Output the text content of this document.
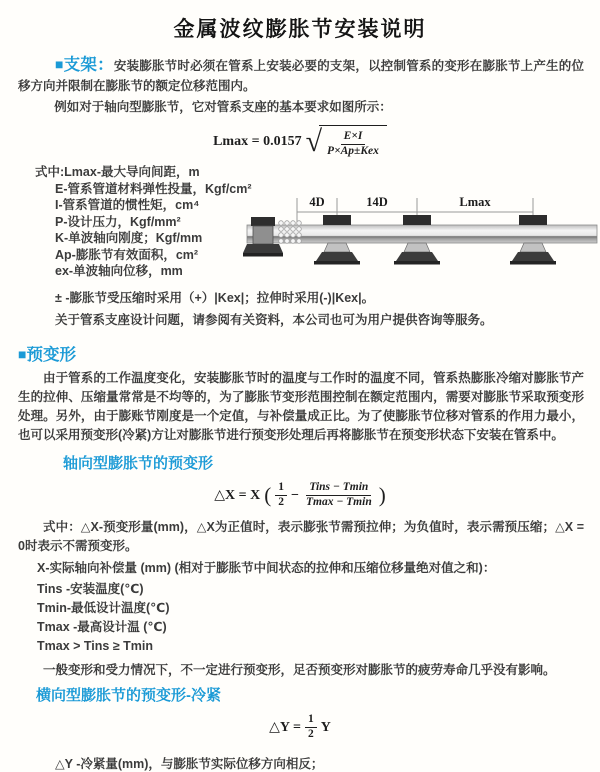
金属波纹膨胀节安装说明

■支架：安装膨胀节时必须在管系上安装必要的支架，以控制管系的变形在膨胀节上产生的位移方向并限制在膨胀节的额定位移范围内。

例如对于轴向型膨胀节，它对管系支座的基本要求如图所示：

Lmax = 0.0157 √ $\frac{E\times I}{\text{P×Ap±Kex}}$
式中:Lmax-最大导向间距，m
E-管系管道材料弹性投量，Kgf/cm²
I-管系管道的惯性矩，cm⁴
P-设计压力，Kgf/mm²
K-单波轴向刚度；Kgf/mm
Ap-膨胀节有效面积，cm²
ex-单波轴向位移，mm
4D	14D	Lmax
± -膨胀节受压缩时采用（+）|Kex|；拉伸时采用(-)|Kex|。
关于管系支座设计问题，请参阅有关资料，本公司也可为用户提供咨询等服务。
■预变形

由于管系的工作温度变化，安装膨胀节时的温度与工作时的温度不同，管系热膨胀冷缩对膨胀节产生的拉伸、压缩量常常是不均等的，为了膨胀节变形范围控制在额定范围内，需要对膨胀节采取预变形处理。另外，由于膨账节刚度是一个定值，与补偿量成正比。为了使膨胀节位移对管系的作用力最小，也可以采用预变形(冷紧)方让对膨胀节进行预变形处理后再将膨胀节在预变形状态下安装在管系中。

轴向型膨胀节的预变形
△X = X ( $\frac{1}{2} - \frac{\text{Tins − Tmin}}{Tmax - Tmin}$ )

式中：△X-预变形量(mm)，△X为正值时，表示膨张节需预拉伸；为负值时，表示需预压缩；△X = 0时表示不需预变形。

X-实际轴向补偿量 (mm) (相对于膨胀节中间状态的拉伸和压缩位移量绝对值之和)：
Tins -安装温度(℃)
Tmin-最低设计温度(℃)
Tmax -最高设计温 (℃)
Tmax > Tins ≥ Tmin

一般变形和受力情况下，不一定进行预变形，足否预变形对膨胀节的疲劳寿命几乎没有影响。

横向型膨胀节的预变形-冷紧
△Y = $\frac{1}{2}$ Y
△Y -冷紧量(mm)，与膨胀节实际位移方向相反；
